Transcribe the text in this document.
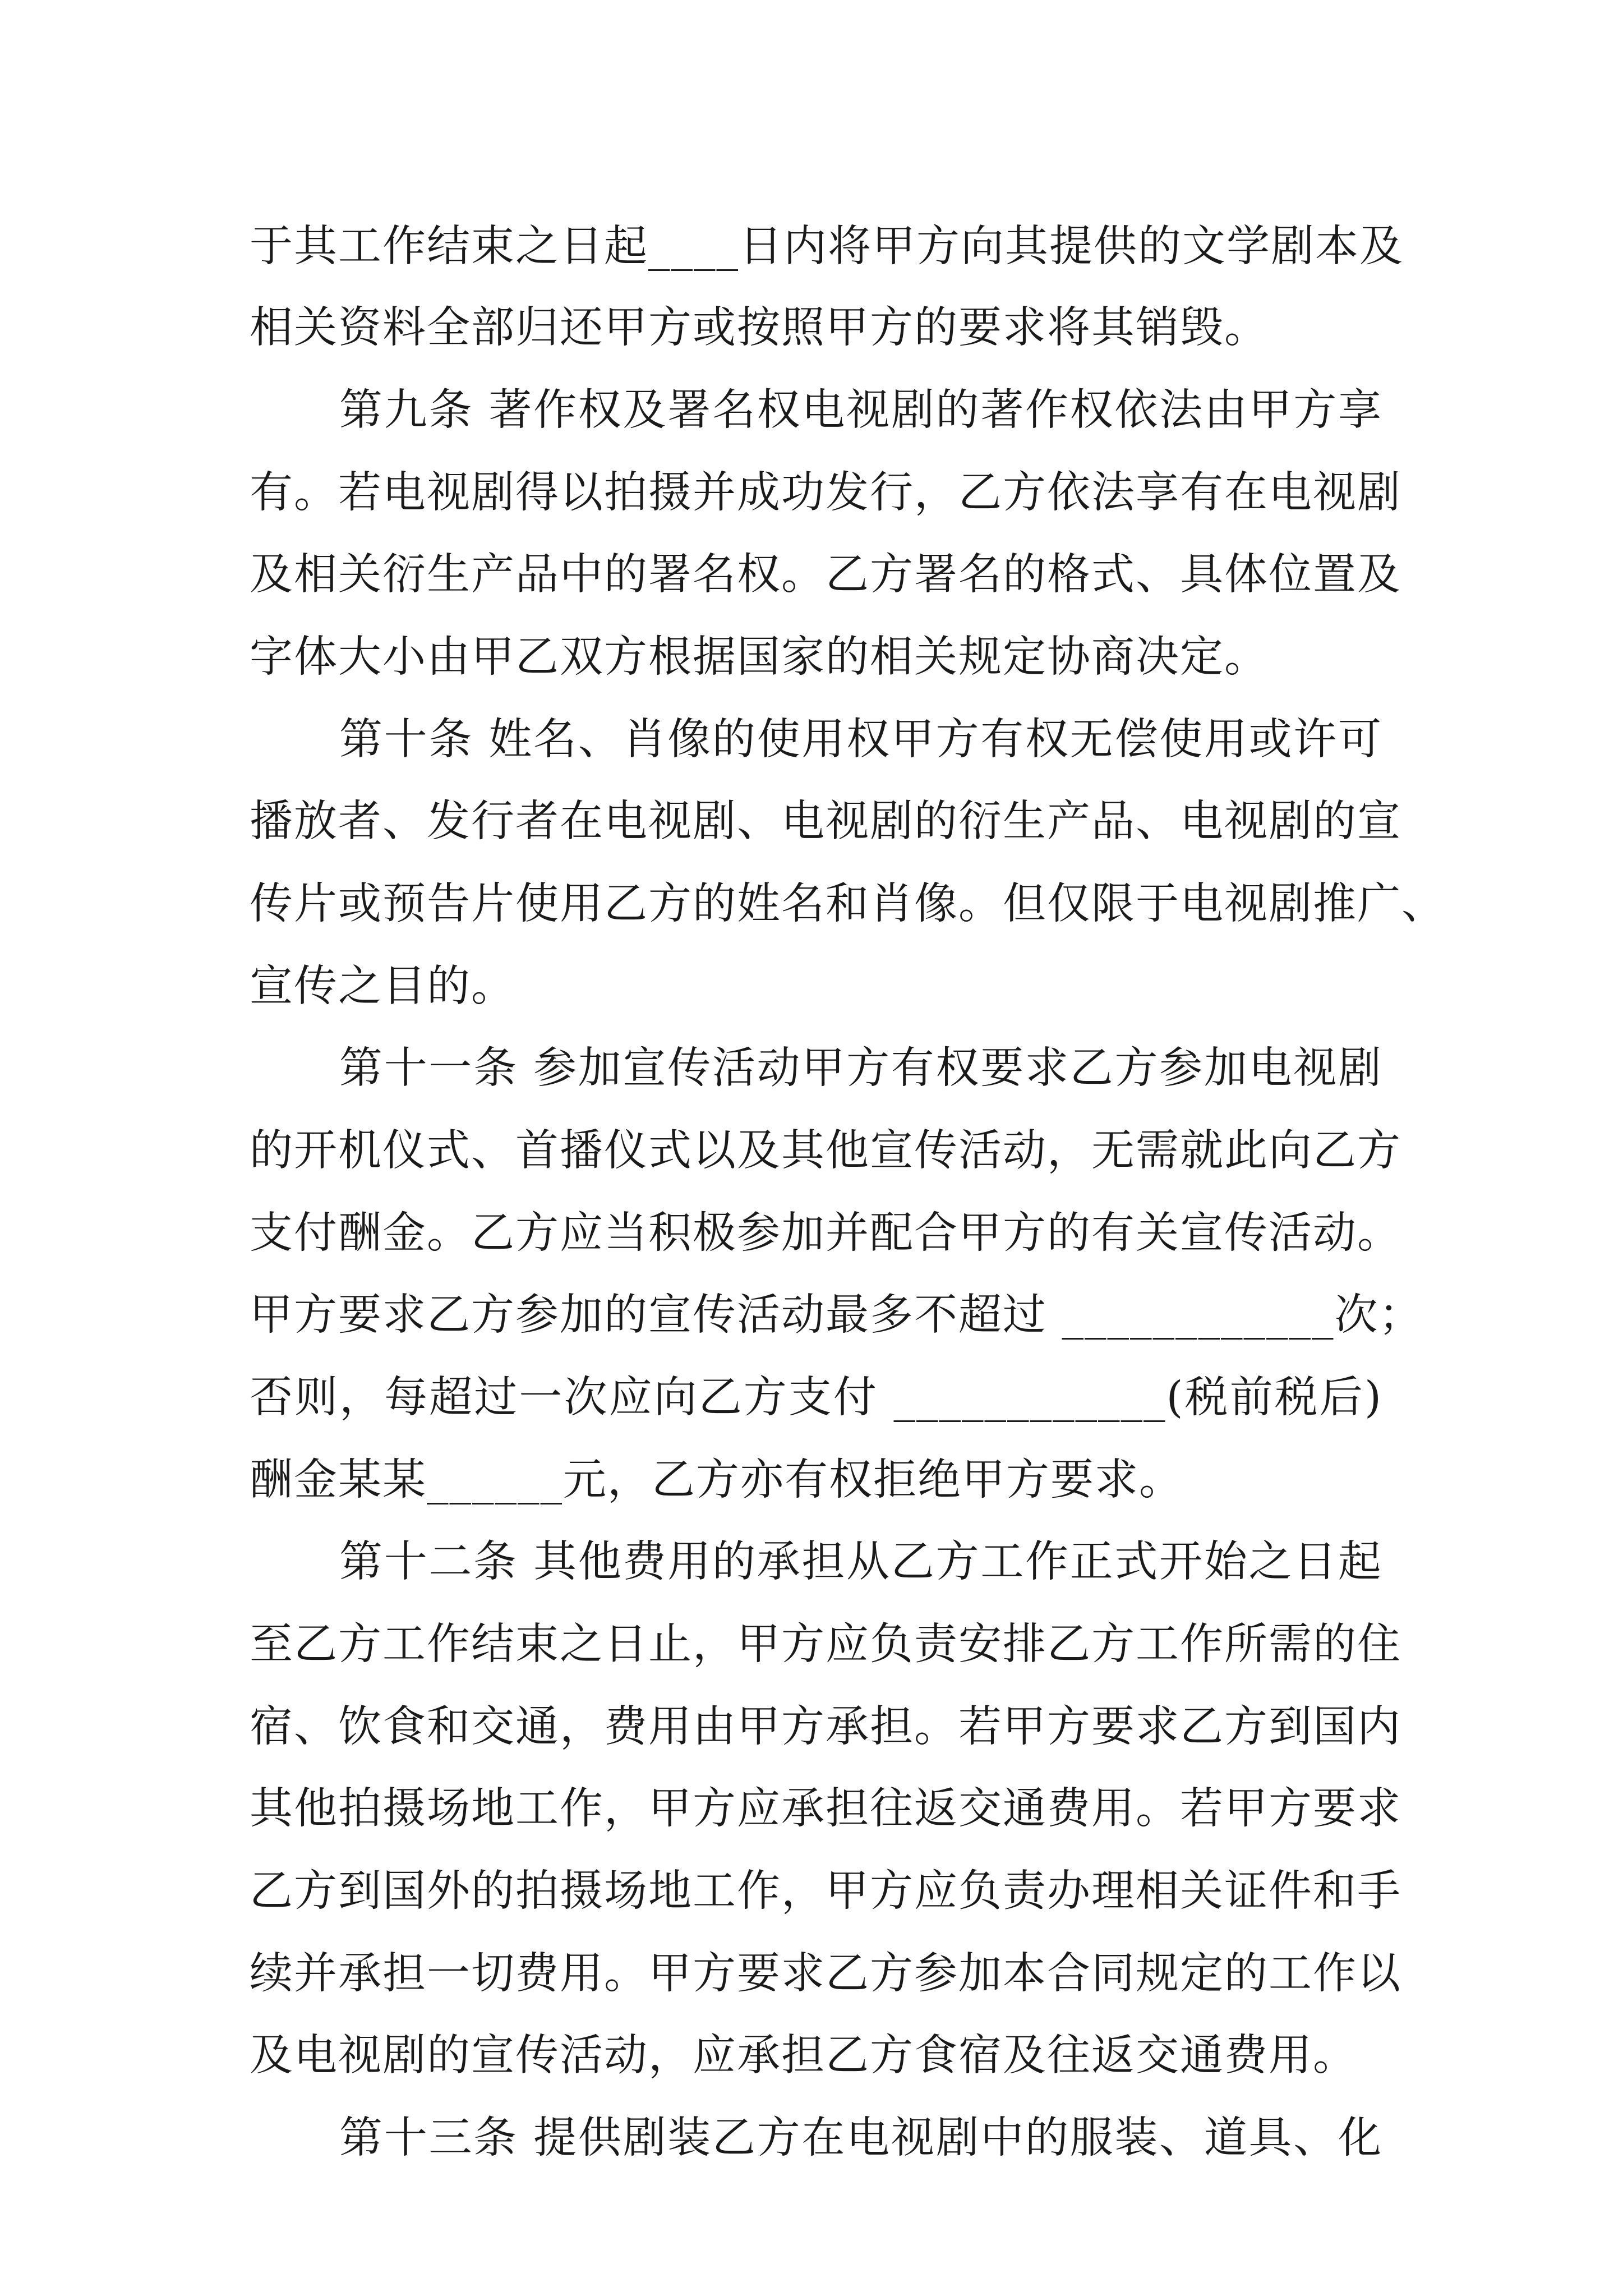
于其工作结束之日起____日内将甲方向其提供的文学剧本及
相关资料全部归还甲方或按照甲方的要求将其销毁。
第九条 著作权及署名权电视剧的著作权依法由甲方享
有。若电视剧得以拍摄并成功发行，乙方依法享有在电视剧
及相关衍生产品中的署名权。乙方署名的格式、具体位置及
字体大小由甲乙双方根据国家的相关规定协商决定。
第十条 姓名、肖像的使用权甲方有权无偿使用或许可
播放者、发行者在电视剧、电视剧的衍生产品、电视剧的宣
传片或预告片使用乙方的姓名和肖像。但仅限于电视剧推广、
宣传之目的。
第十一条 参加宣传活动甲方有权要求乙方参加电视剧
的开机仪式、首播仪式以及其他宣传活动，无需就此向乙方
支付酬金。乙方应当积极参加并配合甲方的有关宣传活动。
甲方要求乙方参加的宣传活动最多不超过 ____________次；
否则，每超过一次应向乙方支付 ____________(税前税后)
酬金某某______元，乙方亦有权拒绝甲方要求。
第十二条 其他费用的承担从乙方工作正式开始之日起
至乙方工作结束之日止，甲方应负责安排乙方工作所需的住
宿、饮食和交通，费用由甲方承担。若甲方要求乙方到国内
其他拍摄场地工作，甲方应承担往返交通费用。若甲方要求
乙方到国外的拍摄场地工作，甲方应负责办理相关证件和手
续并承担一切费用。甲方要求乙方参加本合同规定的工作以
及电视剧的宣传活动，应承担乙方食宿及往返交通费用。
第十三条 提供剧装乙方在电视剧中的服装、道具、化
